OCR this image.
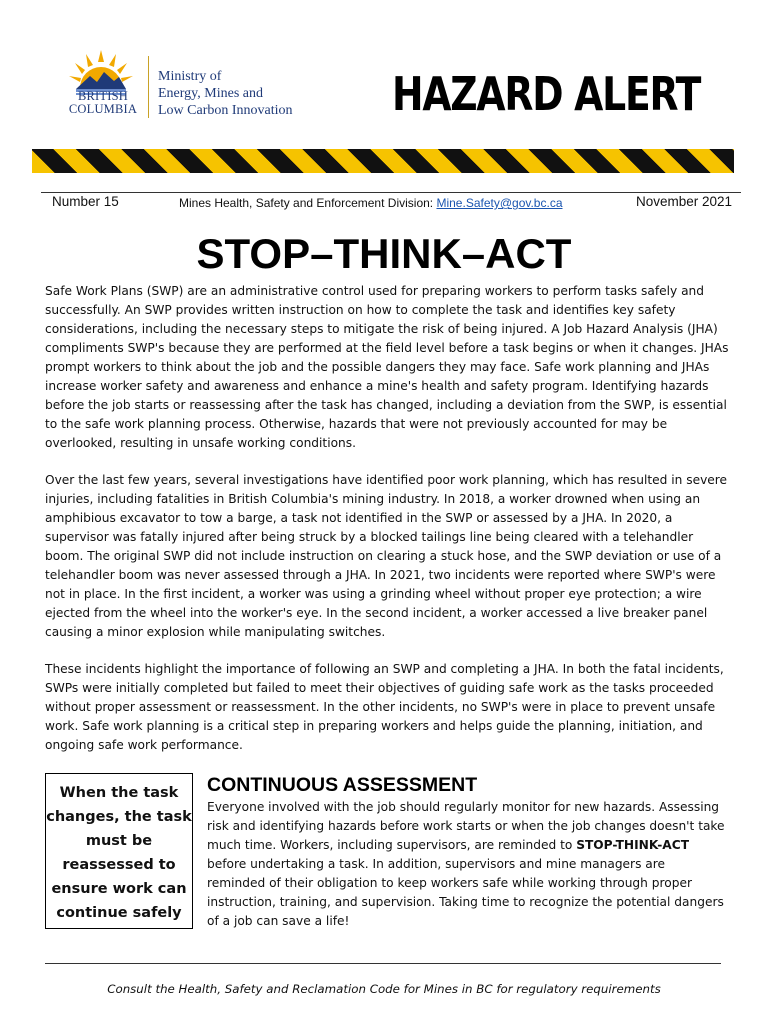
BRITISH
COLUMBIA
Ministry of
Energy, Mines and
Low Carbon Innovation	HAZARD ALERT
Number 15	Mines Health, Safety and Enforcement Division: Mine.Safety@gov.bc.ca	November 2021
STOP–THINK–ACT
Safe Work Plans (SWP) are an administrative control used for preparing workers to perform tasks safely and successfully. An SWP provides written instruction on how to complete the task and identifies key safety considerations, including the necessary steps to mitigate the risk of being injured. A Job Hazard Analysis (JHA) compliments SWP's because they are performed at the field level before a task begins or when it changes. JHAs prompt workers to think about the job and the possible dangers they may face. Safe work planning and JHAs increase worker safety and awareness and enhance a mine's health and safety program. Identifying hazards before the job starts or reassessing after the task has changed, including a deviation from the SWP, is essential to the safe work planning process. Otherwise, hazards that were not previously accounted for may be overlooked, resulting in unsafe working conditions.
Over the last few years, several investigations have identified poor work planning, which has resulted in severe injuries, including fatalities in British Columbia's mining industry. In 2018, a worker drowned when using an amphibious excavator to tow a barge, a task not identified in the SWP or assessed by a JHA. In 2020, a supervisor was fatally injured after being struck by a blocked tailings line being cleared with a telehandler boom. The original SWP did not include instruction on clearing a stuck hose, and the SWP deviation or use of a telehandler boom was never assessed through a JHA. In 2021, two incidents were reported where SWP's were not in place. In the first incident, a worker was using a grinding wheel without proper eye protection; a wire ejected from the wheel into the worker's eye. In the second incident, a worker accessed a live breaker panel causing a minor explosion while manipulating switches.
These incidents highlight the importance of following an SWP and completing a JHA. In both the fatal incidents, SWPs were initially completed but failed to meet their objectives of guiding safe work as the tasks proceeded without proper assessment or reassessment. In the other incidents, no SWP's were in place to prevent unsafe work. Safe work planning is a critical step in preparing workers and helps guide the planning, initiation, and ongoing safe work performance.
When the task changes, the task must be reassessed to ensure work can continue safely
CONTINUOUS ASSESSMENT
Everyone involved with the job should regularly monitor for new hazards. Assessing risk and identifying hazards before work starts or when the job changes doesn't take much time. Workers, including supervisors, are reminded to STOP-THINK-ACT before undertaking a task. In addition, supervisors and mine managers are reminded of their obligation to keep workers safe while working through proper instruction, training, and supervision. Taking time to recognize the potential dangers of a job can save a life!
Consult the Health, Safety and Reclamation Code for Mines in BC for regulatory requirements
